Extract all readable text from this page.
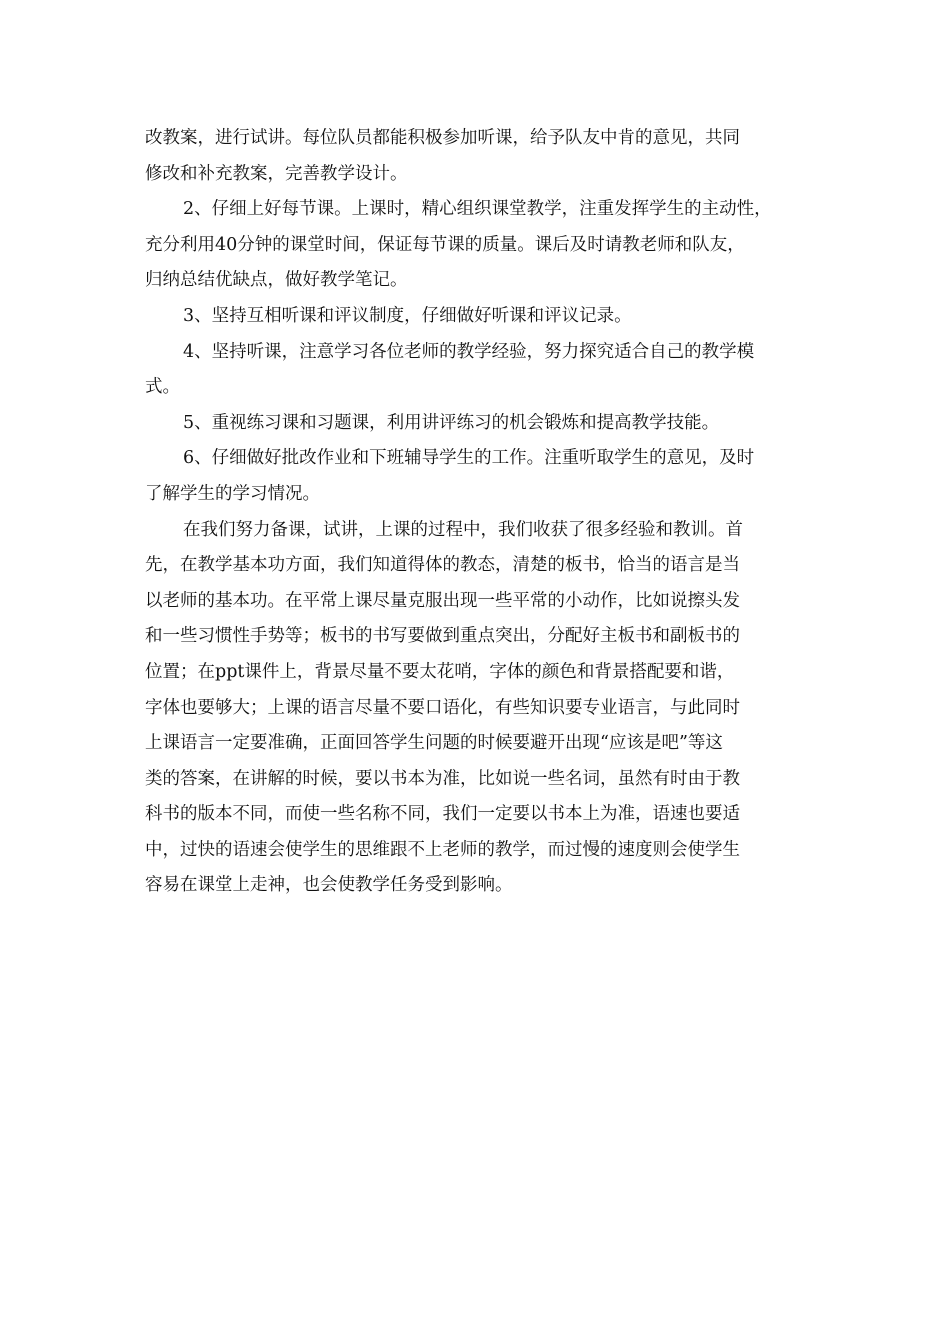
改教案，进行试讲。每位队员都能积极参加听课，给予队友中肯的意见，共同
修改和补充教案，完善教学设计。
2、仔细上好每节课。上课时，精心组织课堂教学，注重发挥学生的主动性，
充分利用40分钟的课堂时间，保证每节课的质量。课后及时请教老师和队友，
归纳总结优缺点，做好教学笔记。
3、坚持互相听课和评议制度，仔细做好听课和评议记录。
4、坚持听课，注意学习各位老师的教学经验，努力探究适合自己的教学模
式。
5、重视练习课和习题课，利用讲评练习的机会锻炼和提高教学技能。
6、仔细做好批改作业和下班辅导学生的工作。注重听取学生的意见，及时
了解学生的学习情况。
在我们努力备课，试讲，上课的过程中，我们收获了很多经验和教训。首
先，在教学基本功方面，我们知道得体的教态，清楚的板书，恰当的语言是当
以老师的基本功。在平常上课尽量克服出现一些平常的小动作，比如说擦头发
和一些习惯性手势等；板书的书写要做到重点突出，分配好主板书和副板书的
位置；在ppt课件上，背景尽量不要太花哨，字体的颜色和背景搭配要和谐，
字体也要够大；上课的语言尽量不要口语化，有些知识要专业语言，与此同时
上课语言一定要准确，正面回答学生问题的时候要避开出现“应该是吧”等这
类的答案，在讲解的时候，要以书本为准，比如说一些名词，虽然有时由于教
科书的版本不同，而使一些名称不同，我们一定要以书本上为准，语速也要适
中，过快的语速会使学生的思维跟不上老师的教学，而过慢的速度则会使学生
容易在课堂上走神，也会使教学任务受到影响。
